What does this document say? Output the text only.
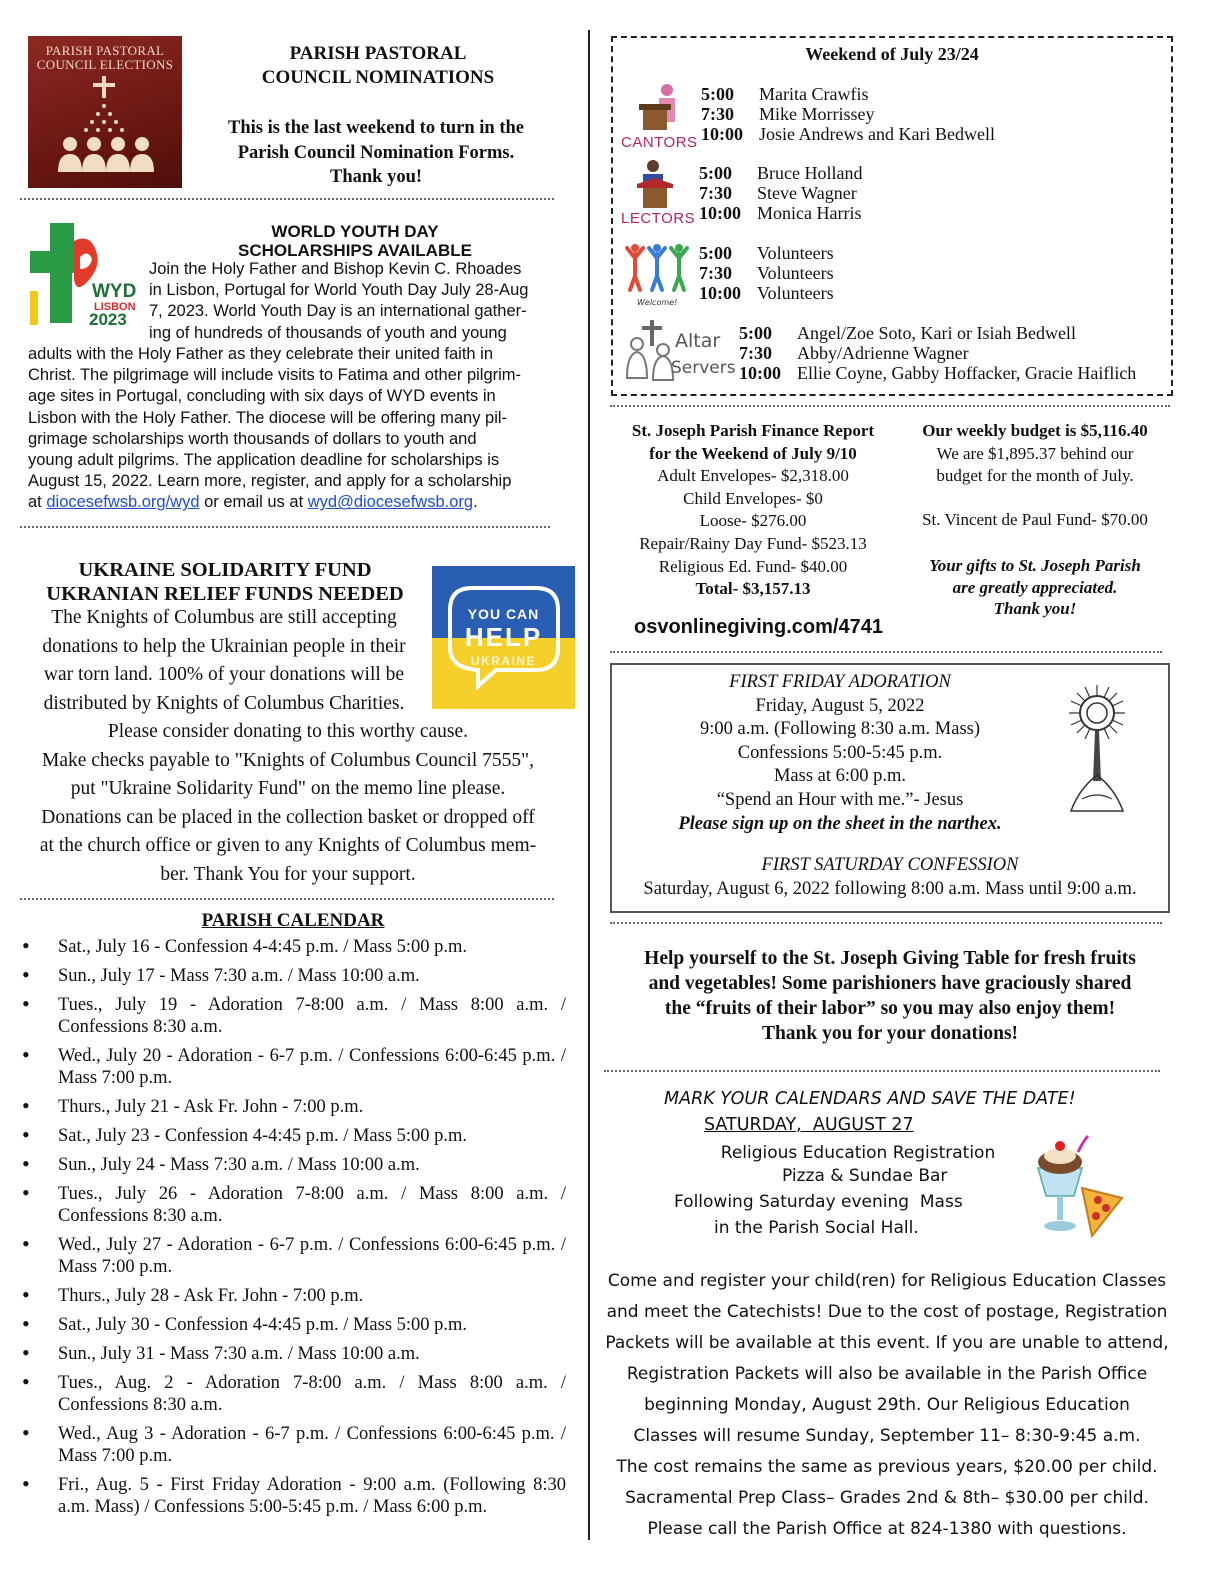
PARISH PASTORAL
COUNCIL ELECTIONS
PARISH PASTORAL
COUNCIL NOMINATIONS
This is the last weekend to turn in the
Parish Council Nomination Forms.
Thank you!
WYD
LISBON
2023
WORLD YOUTH DAY
SCHOLARSHIPS AVAILABLE
Join the Holy Father and Bishop Kevin C. Rhoades
in Lisbon, Portugal for World Youth Day July 28-Aug
7, 2023. World Youth Day is an international gather-
ing of hundreds of thousands of youth and young
adults with the Holy Father as they celebrate their united faith in
Christ. The pilgrimage will include visits to Fatima and other pilgrim-
age sites in Portugal, concluding with six days of WYD events in
Lisbon with the Holy Father. The diocese will be offering many pil-
grimage scholarships worth thousands of dollars to youth and
young adult pilgrims. The application deadline for scholarships is
August 15, 2022. Learn more, register, and apply for a scholarship
at diocesefwsb.org/wyd or email us at wyd@diocesefwsb.org.
UKRAINE SOLIDARITY FUND
UKRANIAN RELIEF FUNDS NEEDED
YOU CAN
HELP
UKRAINE
The Knights of Columbus are still accepting
donations to help the Ukrainian people in their
war torn land. 100% of your donations will be
distributed by Knights of Columbus Charities.
Please consider donating to this worthy cause.
Make checks payable to "Knights of Columbus Council 7555",
put "Ukraine Solidarity Fund" on the memo line please.
Donations can be placed in the collection basket or dropped off
at the church office or given to any Knights of Columbus mem-
ber. Thank You for your support.
PARISH CALENDAR
• Sat., July 16 - Confession 4-4:45 p.m. / Mass 5:00 p.m.
• Sun., July 17 - Mass 7:30 a.m. / Mass 10:00 a.m.
• Tues., July 19 - Adoration 7-8:00 a.m. / Mass 8:00 a.m. / Confessions 8:30 a.m.
• Wed., July 20 - Adoration - 6-7 p.m. / Confessions 6:00-6:45 p.m. / Mass 7:00 p.m.
• Thurs., July 21 - Ask Fr. John - 7:00 p.m.
• Sat., July 23 - Confession 4-4:45 p.m. / Mass 5:00 p.m.
• Sun., July 24 - Mass 7:30 a.m. / Mass 10:00 a.m.
• Tues., July 26 - Adoration 7-8:00 a.m. / Mass 8:00 a.m. / Confessions 8:30 a.m.
• Wed., July 27 - Adoration - 6-7 p.m. / Confessions 6:00-6:45 p.m. / Mass 7:00 p.m.
• Thurs., July 28 - Ask Fr. John - 7:00 p.m.
• Sat., July 30 - Confession 4-4:45 p.m. / Mass 5:00 p.m.
• Sun., July 31 - Mass 7:30 a.m. / Mass 10:00 a.m.
• Tues., Aug. 2 - Adoration 7-8:00 a.m. / Mass 8:00 a.m. / Confessions 8:30 a.m.
• Wed., Aug 3 - Adoration - 6-7 p.m. / Confessions 6:00-6:45 p.m. / Mass 7:00 p.m.
• Fri., Aug. 5 - First Friday Adoration - 9:00 a.m. (Following 8:30 a.m. Mass) / Confessions 5:00-5:45 p.m. / Mass 6:00 p.m.
Weekend of July 23/24
CANTORS
5:00 Marita Crawfis
7:30 Mike Morrissey
10:00 Josie Andrews and Kari Bedwell
LECTORS
5:00 Bruce Holland
7:30 Steve Wagner
10:00 Monica Harris
Welcome!
5:00 Volunteers
7:30 Volunteers
10:00 Volunteers
Altar
Servers
5:00 Angel/Zoe Soto, Kari or Isiah Bedwell
7:30 Abby/Adrienne Wagner
10:00 Ellie Coyne, Gabby Hoffacker, Gracie Haiflich
St. Joseph Parish Finance Report
for the Weekend of July 9/10
Adult Envelopes- $2,318.00
Child Envelopes- $0
Loose- $276.00
Repair/Rainy Day Fund- $523.13
Religious Ed. Fund- $40.00
Total- $3,157.13
osvonlinegiving.com/4741
Our weekly budget is $5,116.40
We are $1,895.37 behind our
budget for the month of July.
St. Vincent de Paul Fund- $70.00
Your gifts to St. Joseph Parish
are greatly appreciated.
Thank you!
FIRST FRIDAY ADORATION
Friday, August 5, 2022
9:00 a.m. (Following 8:30 a.m. Mass)
Confessions 5:00-5:45 p.m.
Mass at 6:00 p.m.
“Spend an Hour with me.”- Jesus
Please sign up on the sheet in the narthex.
FIRST SATURDAY CONFESSION
Saturday, August 6, 2022 following 8:00 a.m. Mass until 9:00 a.m.
Help yourself to the St. Joseph Giving Table for fresh fruits
and vegetables! Some parishioners have graciously shared
the “fruits of their labor” so you may also enjoy them!
Thank you for your donations!
MARK YOUR CALENDARS AND SAVE THE DATE!
SATURDAY,  AUGUST 27
Religious Education Registration
Pizza & Sundae Bar
Following Saturday evening  Mass
in the Parish Social Hall.
Come and register your child(ren) for Religious Education Classes
and meet the Catechists! Due to the cost of postage, Registration
Packets will be available at this event. If you are unable to attend,
Registration Packets will also be available in the Parish Office
beginning Monday, August 29th. Our Religious Education
Classes will resume Sunday, September 11– 8:30-9:45 a.m.
The cost remains the same as previous years, $20.00 per child.
Sacramental Prep Class– Grades 2nd & 8th– $30.00 per child.
Please call the Parish Office at 824-1380 with questions.
